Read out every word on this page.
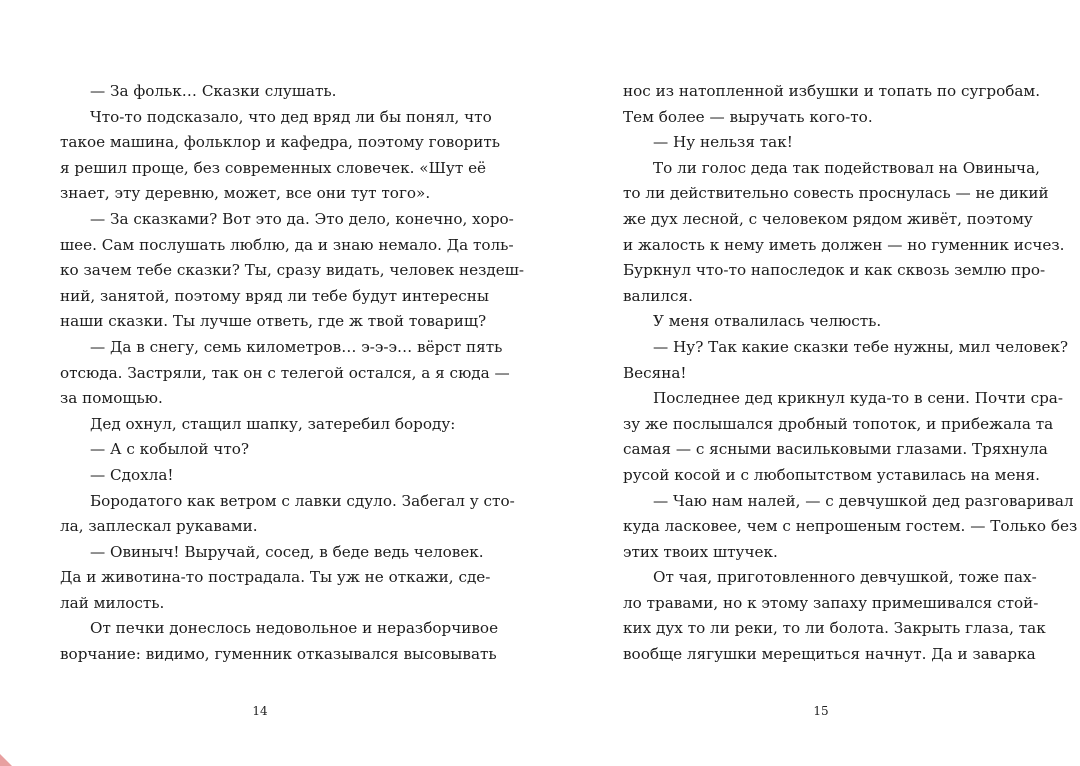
— За фольк… Сказки слушать.
Что-то подсказало, что дед вряд ли бы понял, что
такое машина, фольклор и кафедра, поэтому говорить
я решил проще, без современных словечек. «Шут её
знает, эту деревню, может, все они тут того».
— За сказками? Вот это да. Это дело, конечно, хоро-
шее. Сам послушать люблю, да и знаю немало. Да толь-
ко зачем тебе сказки? Ты, сразу видать, человек нездеш-
ний, занятой, поэтому вряд ли тебе будут интересны
наши сказки. Ты лучше ответь, где ж твой товарищ?
— Да в снегу, семь километров… э-э-э… вёрст пять
отсюда. Застряли, так он с телегой остался, а я сюда —
за помощью.
Дед охнул, стащил шапку, затеребил бороду:
— А с кобылой что?
— Сдохла!
Бородатого как ветром с лавки сдуло. Забегал у сто-
ла, заплескал рукавами.
— Овиныч! Выручай, сосед, в беде ведь человек.
Да и животина-то пострадала. Ты уж не откажи, сде-
лай милость.
От печки донеслось недовольное и неразборчивое
ворчание: видимо, гуменник отказывался высовывать
нос из натопленной избушки и топать по сугробам.
Тем более — выручать кого-то.
— Ну нельзя так!
То ли голос деда так подействовал на Овиныча,
то ли действительно совесть проснулась — не дикий
же дух лесной, с человеком рядом живёт, поэтому
и жалость к нему иметь должен — но гуменник исчез.
Буркнул что-то напоследок и как сквозь землю про-
валился.
У меня отвалилась челюсть.
— Ну? Так какие сказки тебе нужны, мил человек?
Весяна!
Последнее дед крикнул куда-то в сени. Почти сра-
зу же послышался дробный топоток, и прибежала та
самая — с ясными васильковыми глазами. Тряхнула
русой косой и с любопытством уставилась на меня.
— Чаю нам налей, — с девчушкой дед разговаривал
куда ласковее, чем с непрошеным гостем. — Только без
этих твоих штучек.
От чая, приготовленного девчушкой, тоже пах-
ло травами, но к этому запаху примешивался стой-
ких дух то ли реки, то ли болота. Закрыть глаза, так
вообще лягушки мерещиться начнут. Да и заварка
14	15
